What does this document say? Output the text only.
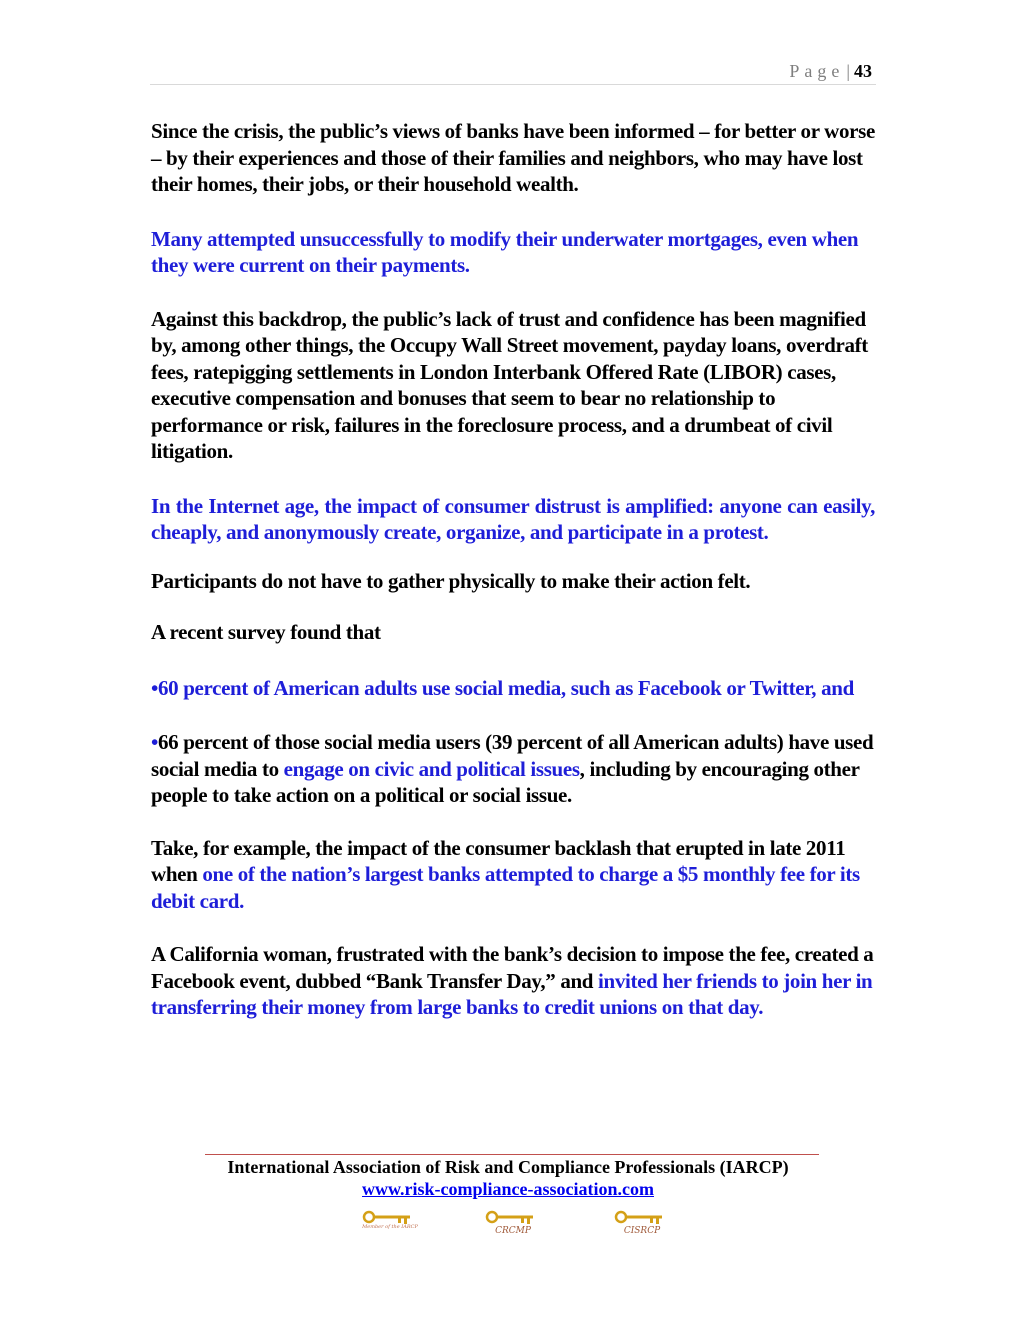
Page | 43

Since the crisis, the public’s views of banks have been informed – for better or worse – by their experiences and those of their families and neighbors, who may have lost their homes, their jobs, or their household wealth.

Many attempted unsuccessfully to modify their underwater mortgages, even when they were current on their payments.

Against this backdrop, the public’s lack of trust and confidence has been magnified by, among other things, the Occupy Wall Street movement, payday loans, overdraft fees, ratерigging settlements in London Interbank Offered Rate (LIBOR) cases, executive compensation and bonuses that seem to bear no relationship to performance or risk, failures in the foreclosure process, and a drumbeat of civil litigation.

In the Internet age, the impact of consumer distrust is amplified: anyone can easily, cheaply, and anonymously create, organize, and participate in a protest.

Participants do not have to gather physically to make their action felt.

A recent survey found that

•60 percent of American adults use social media, such as Facebook or Twitter, and

•66 percent of those social media users (39 percent of all American adults) have used social media to engage on civic and political issues, including by encouraging other people to take action on a political or social issue.

Take, for example, the impact of the consumer backlash that erupted in late 2011 when one of the nation’s largest banks attempted to charge a $5 monthly fee for its debit card.

A California woman, frustrated with the bank’s decision to impose the fee, created a Facebook event, dubbed “Bank Transfer Day,” and invited her friends to join her in transferring their money from large banks to credit unions on that day.

International Association of Risk and Compliance Professionals (IARCP)
www.risk-compliance-association.com
Member of the IARCP	CRCMP	CISRCP
